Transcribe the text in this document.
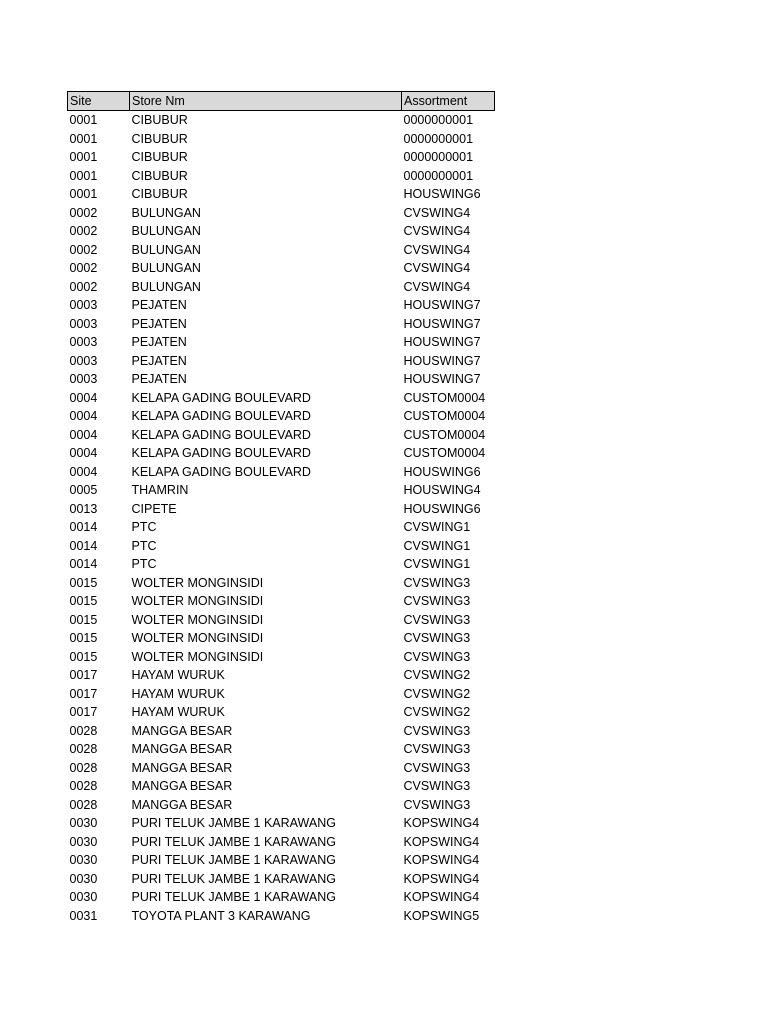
Site	Store Nm	Assortment
0001	CIBUBUR	0000000001
0001	CIBUBUR	0000000001
0001	CIBUBUR	0000000001
0001	CIBUBUR	0000000001
0001	CIBUBUR	HOUSWING6
0002	BULUNGAN	CVSWING4
0002	BULUNGAN	CVSWING4
0002	BULUNGAN	CVSWING4
0002	BULUNGAN	CVSWING4
0002	BULUNGAN	CVSWING4
0003	PEJATEN	HOUSWING7
0003	PEJATEN	HOUSWING7
0003	PEJATEN	HOUSWING7
0003	PEJATEN	HOUSWING7
0003	PEJATEN	HOUSWING7
0004	KELAPA GADING BOULEVARD	CUSTOM0004
0004	KELAPA GADING BOULEVARD	CUSTOM0004
0004	KELAPA GADING BOULEVARD	CUSTOM0004
0004	KELAPA GADING BOULEVARD	CUSTOM0004
0004	KELAPA GADING BOULEVARD	HOUSWING6
0005	THAMRIN	HOUSWING4
0013	CIPETE	HOUSWING6
0014	PTC	CVSWING1
0014	PTC	CVSWING1
0014	PTC	CVSWING1
0015	WOLTER MONGINSIDI	CVSWING3
0015	WOLTER MONGINSIDI	CVSWING3
0015	WOLTER MONGINSIDI	CVSWING3
0015	WOLTER MONGINSIDI	CVSWING3
0015	WOLTER MONGINSIDI	CVSWING3
0017	HAYAM WURUK	CVSWING2
0017	HAYAM WURUK	CVSWING2
0017	HAYAM WURUK	CVSWING2
0028	MANGGA BESAR	CVSWING3
0028	MANGGA BESAR	CVSWING3
0028	MANGGA BESAR	CVSWING3
0028	MANGGA BESAR	CVSWING3
0028	MANGGA BESAR	CVSWING3
0030	PURI TELUK JAMBE 1 KARAWANG	KOPSWING4
0030	PURI TELUK JAMBE 1 KARAWANG	KOPSWING4
0030	PURI TELUK JAMBE 1 KARAWANG	KOPSWING4
0030	PURI TELUK JAMBE 1 KARAWANG	KOPSWING4
0030	PURI TELUK JAMBE 1 KARAWANG	KOPSWING4
0031	TOYOTA PLANT 3 KARAWANG	KOPSWING5
